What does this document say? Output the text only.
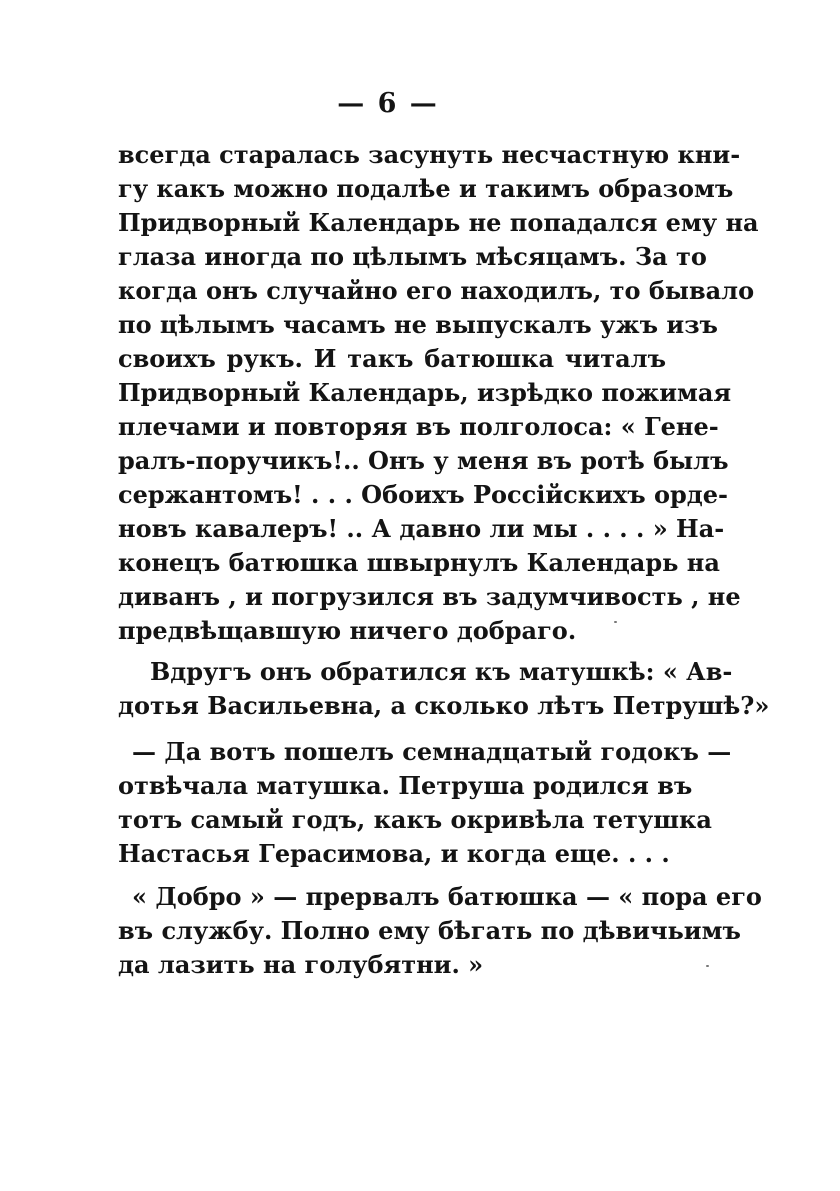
— 6 —
всегда старалась засунуть несчастную кни-
гу какъ можно подалѣе и такимъ образомъ
Придворный Календарь не попадался ему на
глаза иногда по цѣлымъ мѣсяцамъ. За то
когда онъ случайно его находилъ, то бывало
по цѣлымъ часамъ не выпускалъ ужъ изъ
своихъ рукъ. И такъ батюшка читалъ
Придворный Календарь, изрѣдко пожимая
плечами и повторяя въ полголоса: « Гене-
ралъ-поручикъ!.. Онъ у меня въ ротѣ былъ
сержантомъ! . . . Обоихъ Россійскихъ орде-
новъ кавалеръ! .. А давно ли мы . . . . » На-
конецъ батюшка швырнулъ Календарь на
диванъ , и погрузился въ задумчивость , не
предвѣщавшую ничего добраго.
Вдругъ онъ обратился къ матушкѣ: « Ав-
дотья Васильевна, а сколько лѣтъ Петрушѣ?»
— Да вотъ пошелъ семнадцатый годокъ —
отвѣчала матушка. Петруша родился въ
тотъ самый годъ, какъ окривѣла тетушка
Настасья Герасимова, и когда еще. . . .
« Добро » — прервалъ батюшка — « пора его
въ службу. Полно ему бѣгать по дѣвичьимъ
да лазить на голубятни. »
